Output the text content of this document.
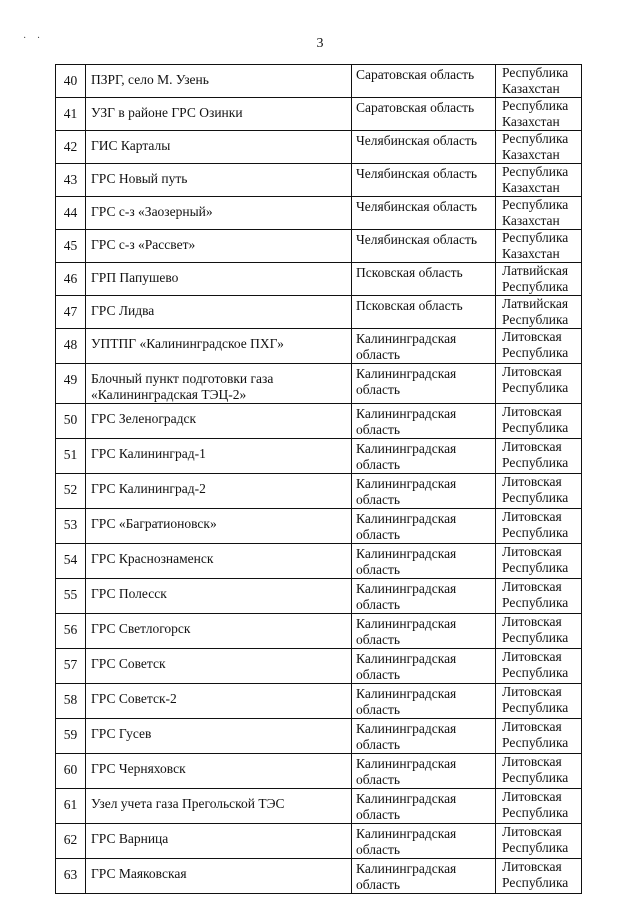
· ·	3
40	ПЗРГ, село М. Узень	Саратовская область	Республика Казахстан
41	УЗГ в районе ГРС Озинки	Саратовская область	Республика Казахстан
42	ГИС Карталы	Челябинская область	Республика Казахстан
43	ГРС Новый путь	Челябинская область	Республика Казахстан
44	ГРС с-з «Заозерный»	Челябинская область	Республика Казахстан
45	ГРС с-з «Рассвет»	Челябинская область	Республика Казахстан
46	ГРП Папушево	Псковская область	Латвийская Республика
47	ГРС Лидва	Псковская область	Латвийская Республика
48	УПТПГ «Калининградское ПХГ»	Калининградская область	Литовская Республика
49	Блочный пункт подготовки газа «Калининградская ТЭЦ-2»	Калининградская область	Литовская Республика
50	ГРС Зеленоградск	Калининградская область	Литовская Республика
51	ГРС Калининград-1	Калининградская область	Литовская Республика
52	ГРС Калининград-2	Калининградская область	Литовская Республика
53	ГРС «Багратионовск»	Калининградская область	Литовская Республика
54	ГРС Краснознаменск	Калининградская область	Литовская Республика
55	ГРС Полесск	Калининградская область	Литовская Республика
56	ГРС Светлогорск	Калининградская область	Литовская Республика
57	ГРС Советск	Калининградская область	Литовская Республика
58	ГРС Советск-2	Калининградская область	Литовская Республика
59	ГРС Гусев	Калининградская область	Литовская Республика
60	ГРС Черняховск	Калининградская область	Литовская Республика
61	Узел учета газа Прегольской ТЭС	Калининградская область	Литовская Республика
62	ГРС Варница	Калининградская область	Литовская Республика
63	ГРС Маяковская	Калининградская область	Литовская Республика
